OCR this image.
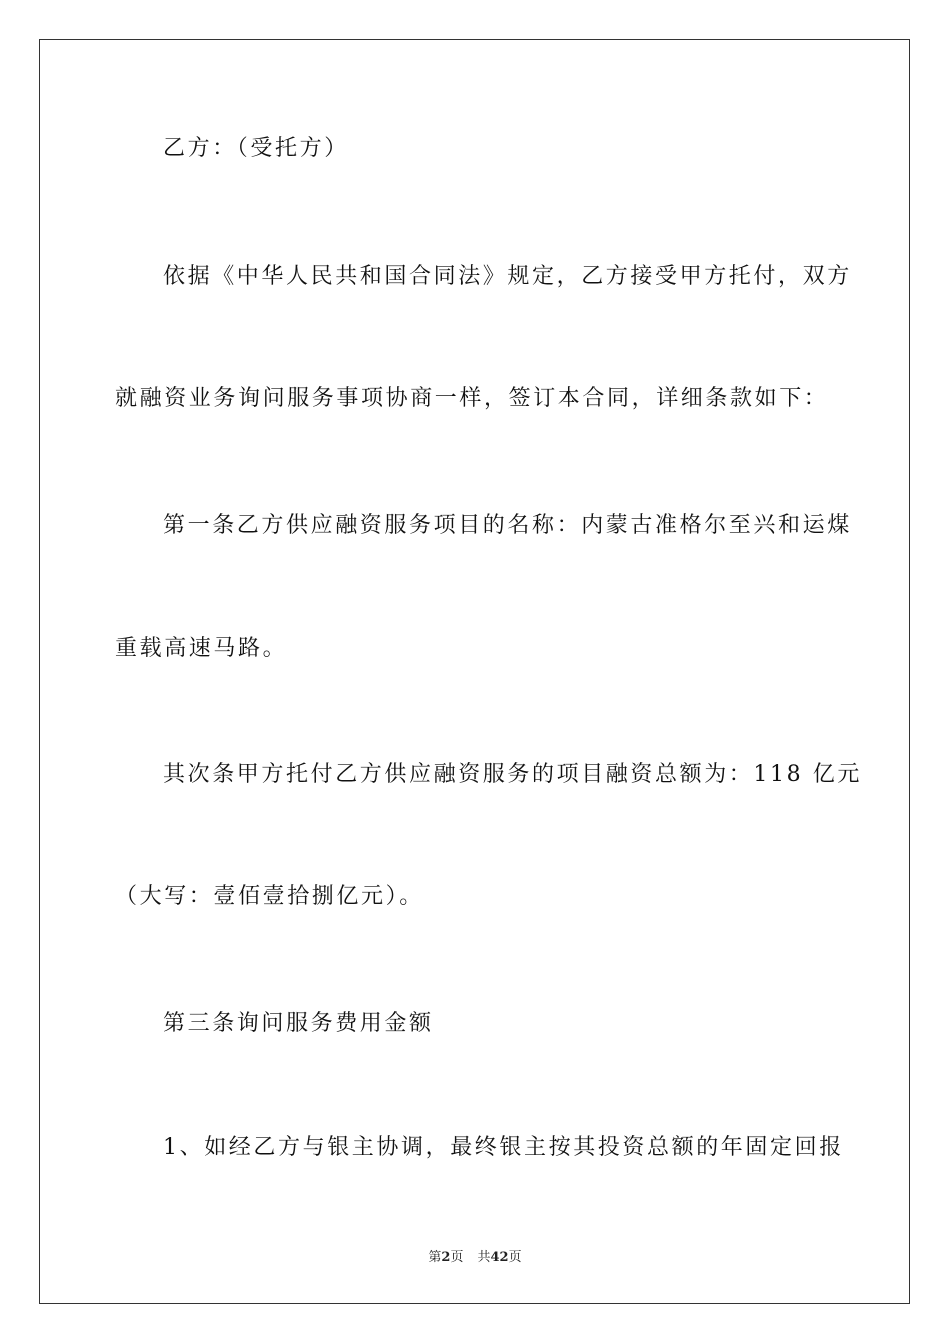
乙方：（受托方）
依据《中华人民共和国合同法》规定，乙方接受甲方托付，双方
就融资业务询问服务事项协商一样，签订本合同，详细条款如下：
第一条乙方供应融资服务项目的名称：内蒙古准格尔至兴和运煤
重载高速马路。
其次条甲方托付乙方供应融资服务的项目融资总额为：118 亿元
（大写：壹佰壹拾捌亿元）。
第三条询问服务费用金额
1、如经乙方与银主协调，最终银主按其投资总额的年固定回报
第2页 共42页
